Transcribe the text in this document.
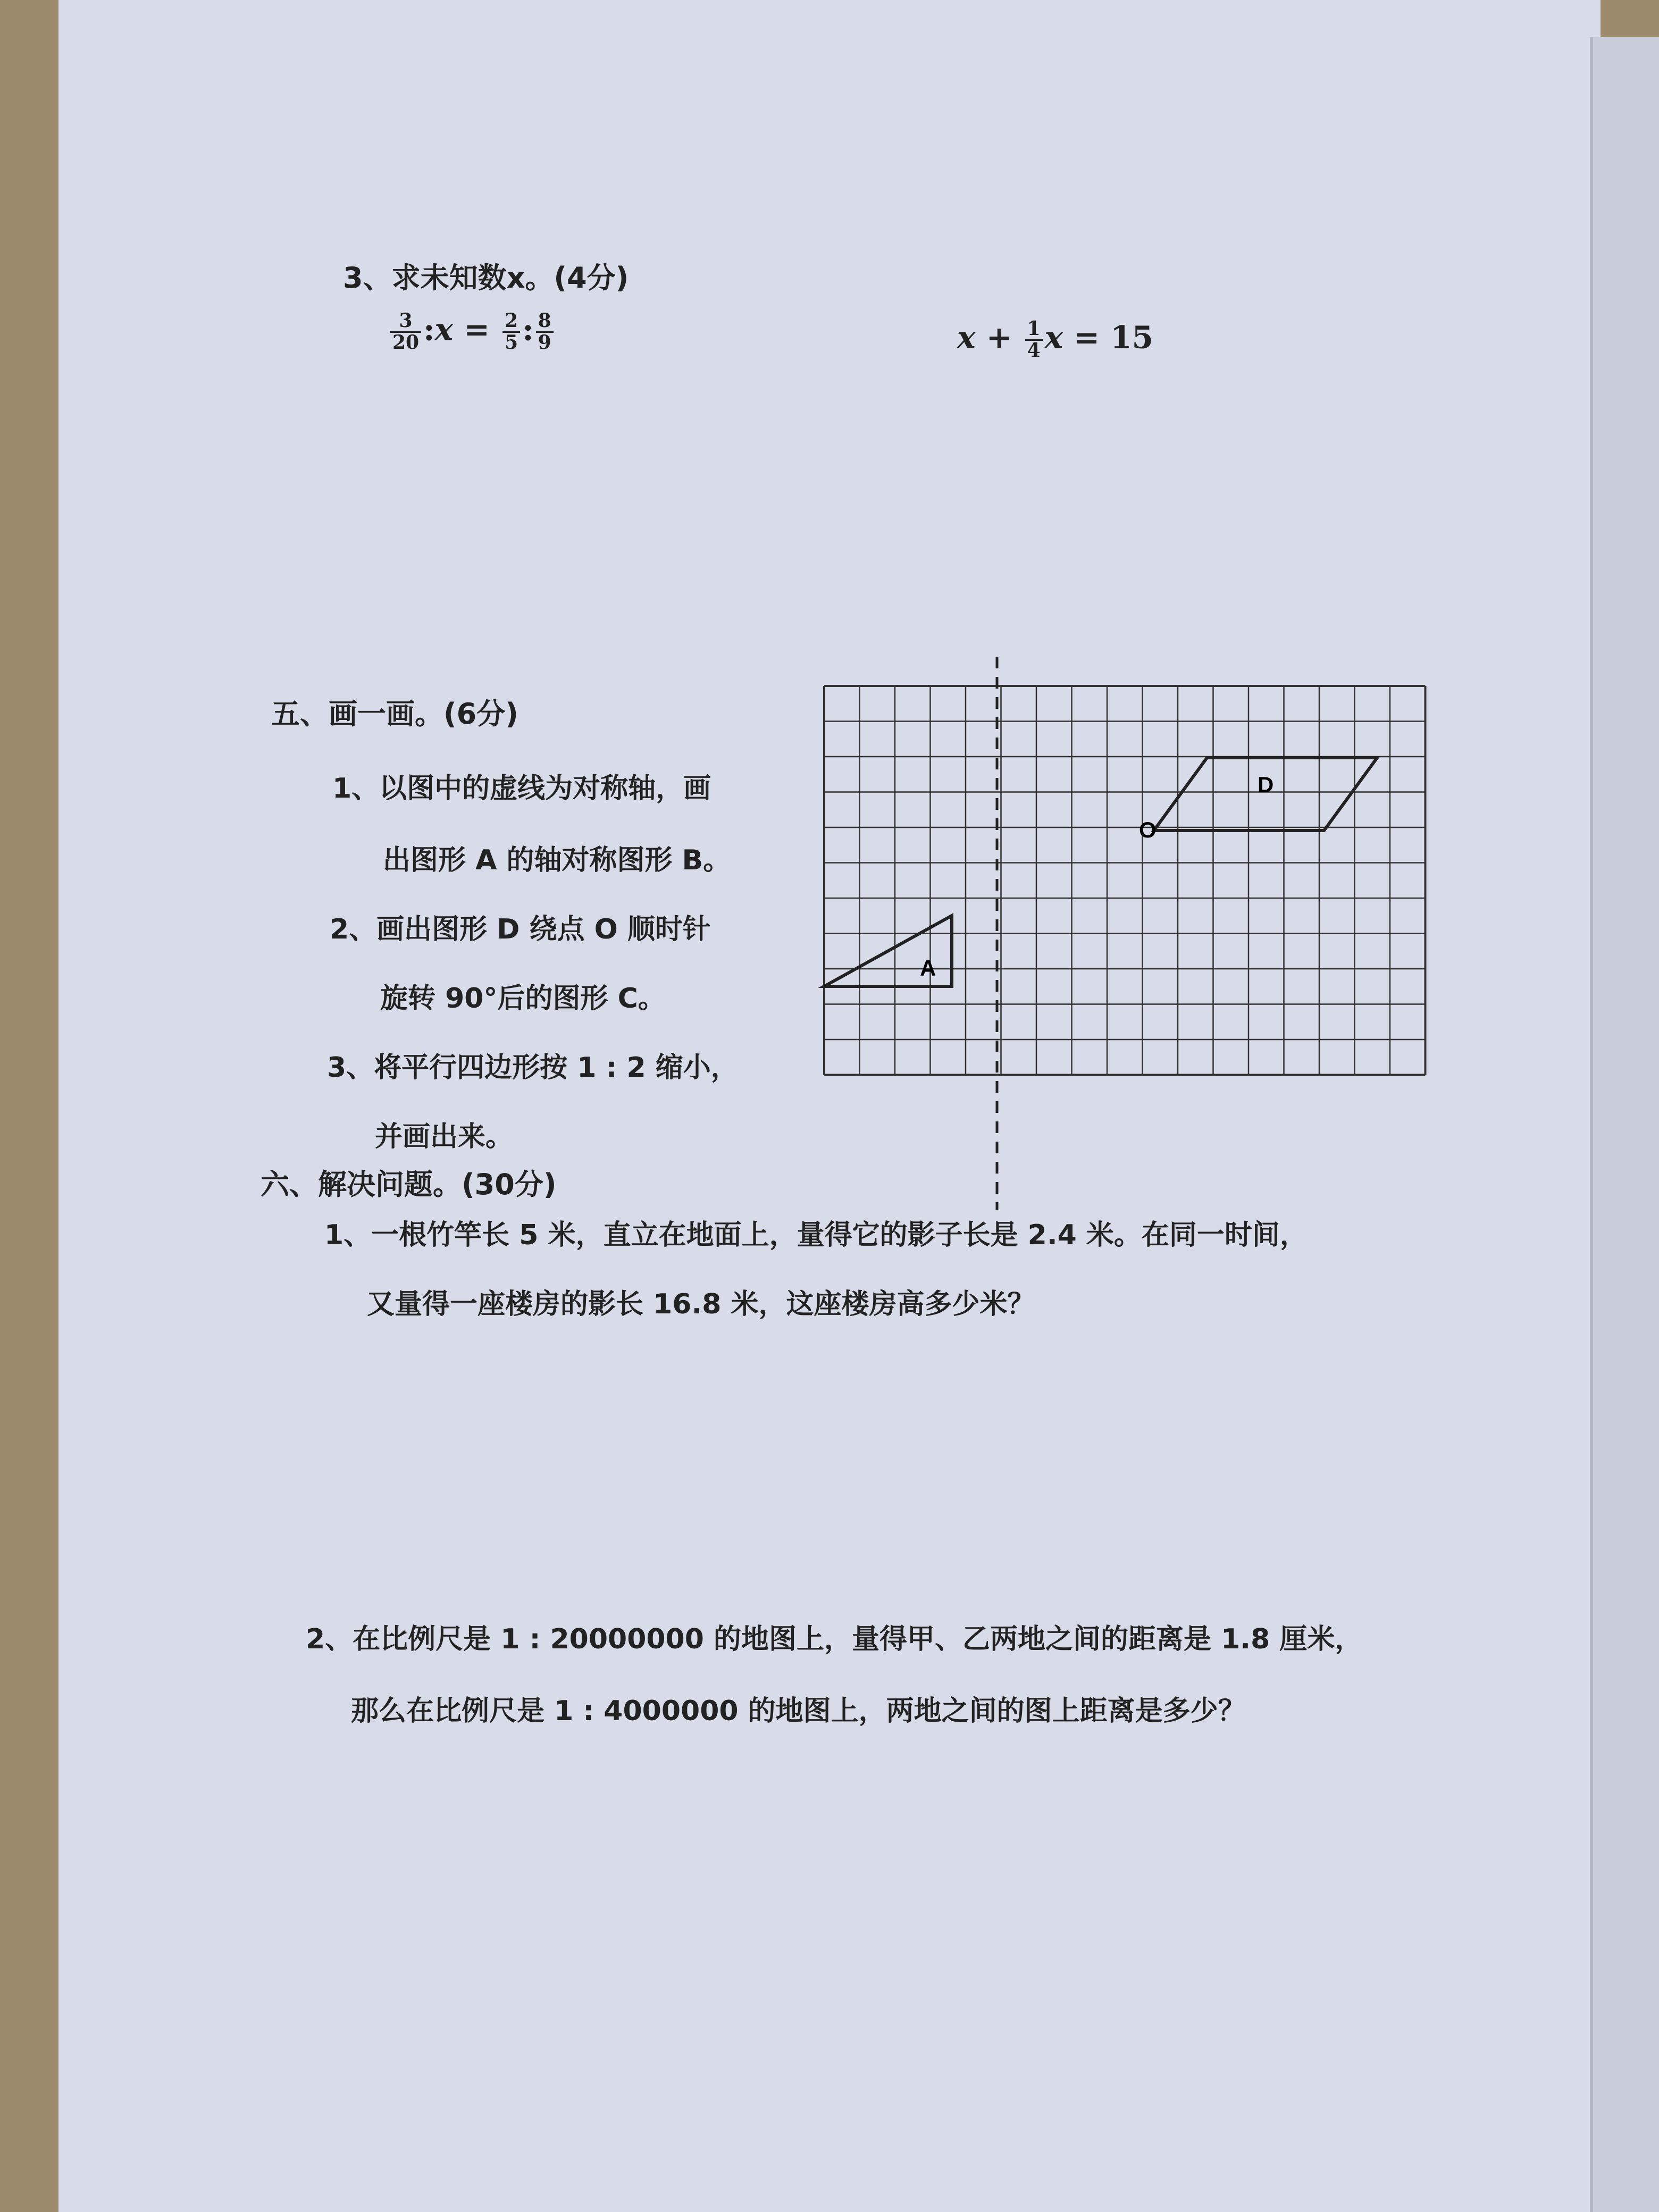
3、求未知数x。(4分)
$\frac{3}{20}$ :x = $\frac{2}{5}$ : $\frac{8}{9}$	$x + \frac{1}{4}$ x = 15
五、画一画。(6分)
1、以图中的虚线为对称轴，画
出图形 A 的轴对称图形 B。
2、画出图形 D 绕点 O 顺时针
旋转 90°后的图形 C。
3、将平行四边形按 1 : 2 缩小，
并画出来。
A
D
O
六、解决问题。(30分)
1、一根竹竿长 5 米，直立在地面上，量得它的影子长是 2.4 米。在同一时间，
又量得一座楼房的影长 16.8 米，这座楼房高多少米？
2、在比例尺是 1 : 20000000 的地图上，量得甲、乙两地之间的距离是 1.8 厘米，
那么在比例尺是 1 : 4000000 的地图上，两地之间的图上距离是多少？
